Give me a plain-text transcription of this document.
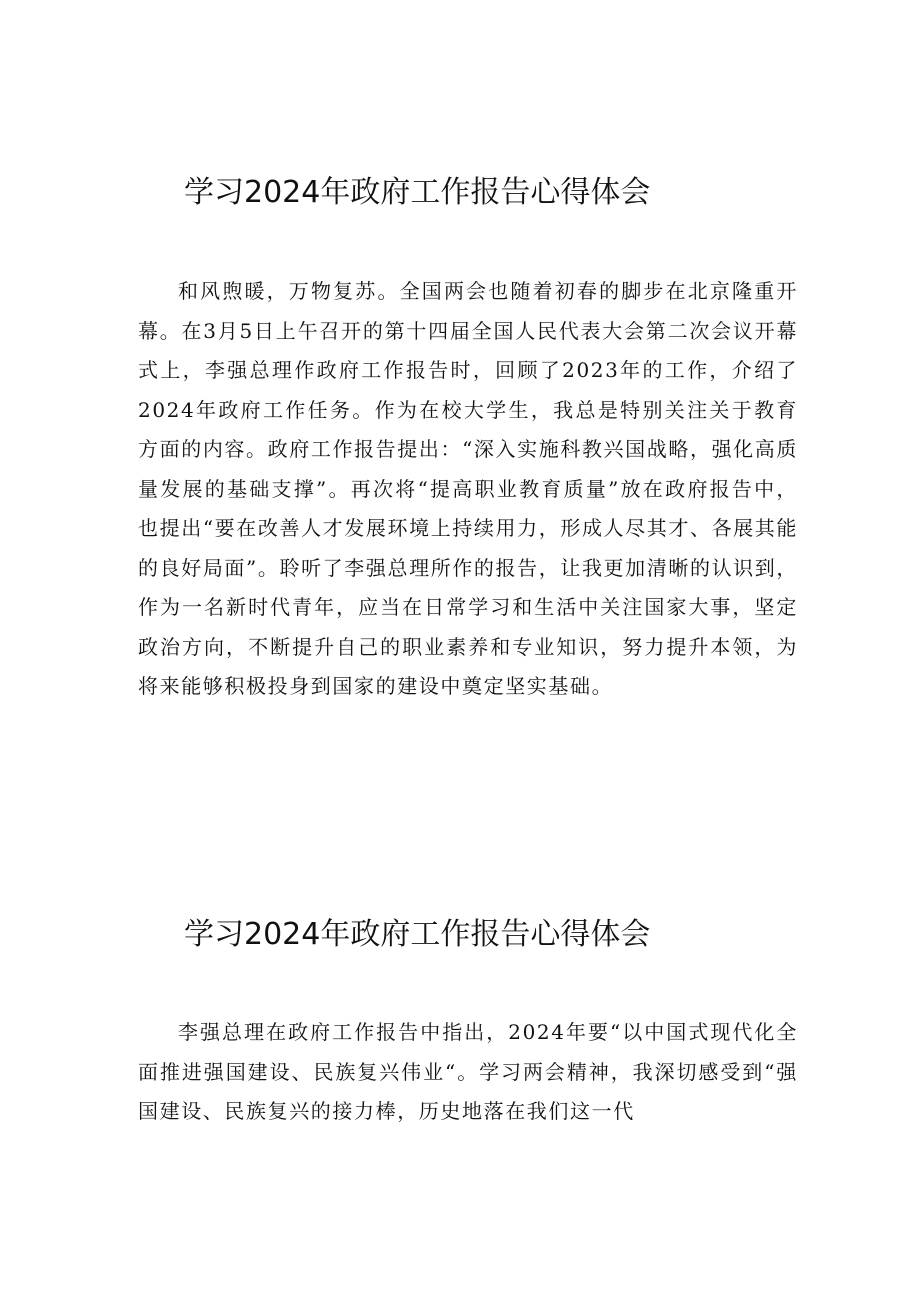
学习2024年政府工作报告心得体会

和风煦暖，万物复苏。全国两会也随着初春的脚步在北京隆重开幕。在3月5日上午召开的第十四届全国人民代表大会第二次会议开幕式上，李强总理作政府工作报告时，回顾了2023年的工作，介绍了2024年政府工作任务。作为在校大学生，我总是特别关注关于教育方面的内容。政府工作报告提出：“深入实施科教兴国战略，强化高质量发展的基础支撑”。再次将“提高职业教育质量”放在政府报告中，也提出“要在改善人才发展环境上持续用力，形成人尽其才、各展其能的良好局面”。聆听了李强总理所作的报告，让我更加清晰的认识到，作为一名新时代青年，应当在日常学习和生活中关注国家大事，坚定政治方向，不断提升自己的职业素养和专业知识，努力提升本领，为将来能够积极投身到国家的建设中奠定坚实基础。

学习2024年政府工作报告心得体会

李强总理在政府工作报告中指出，2024年要“以中国式现代化全面推进强国建设、民族复兴伟业“。学习两会精神，我深切感受到“强国建设、民族复兴的接力棒，历史地落在我们这一代
